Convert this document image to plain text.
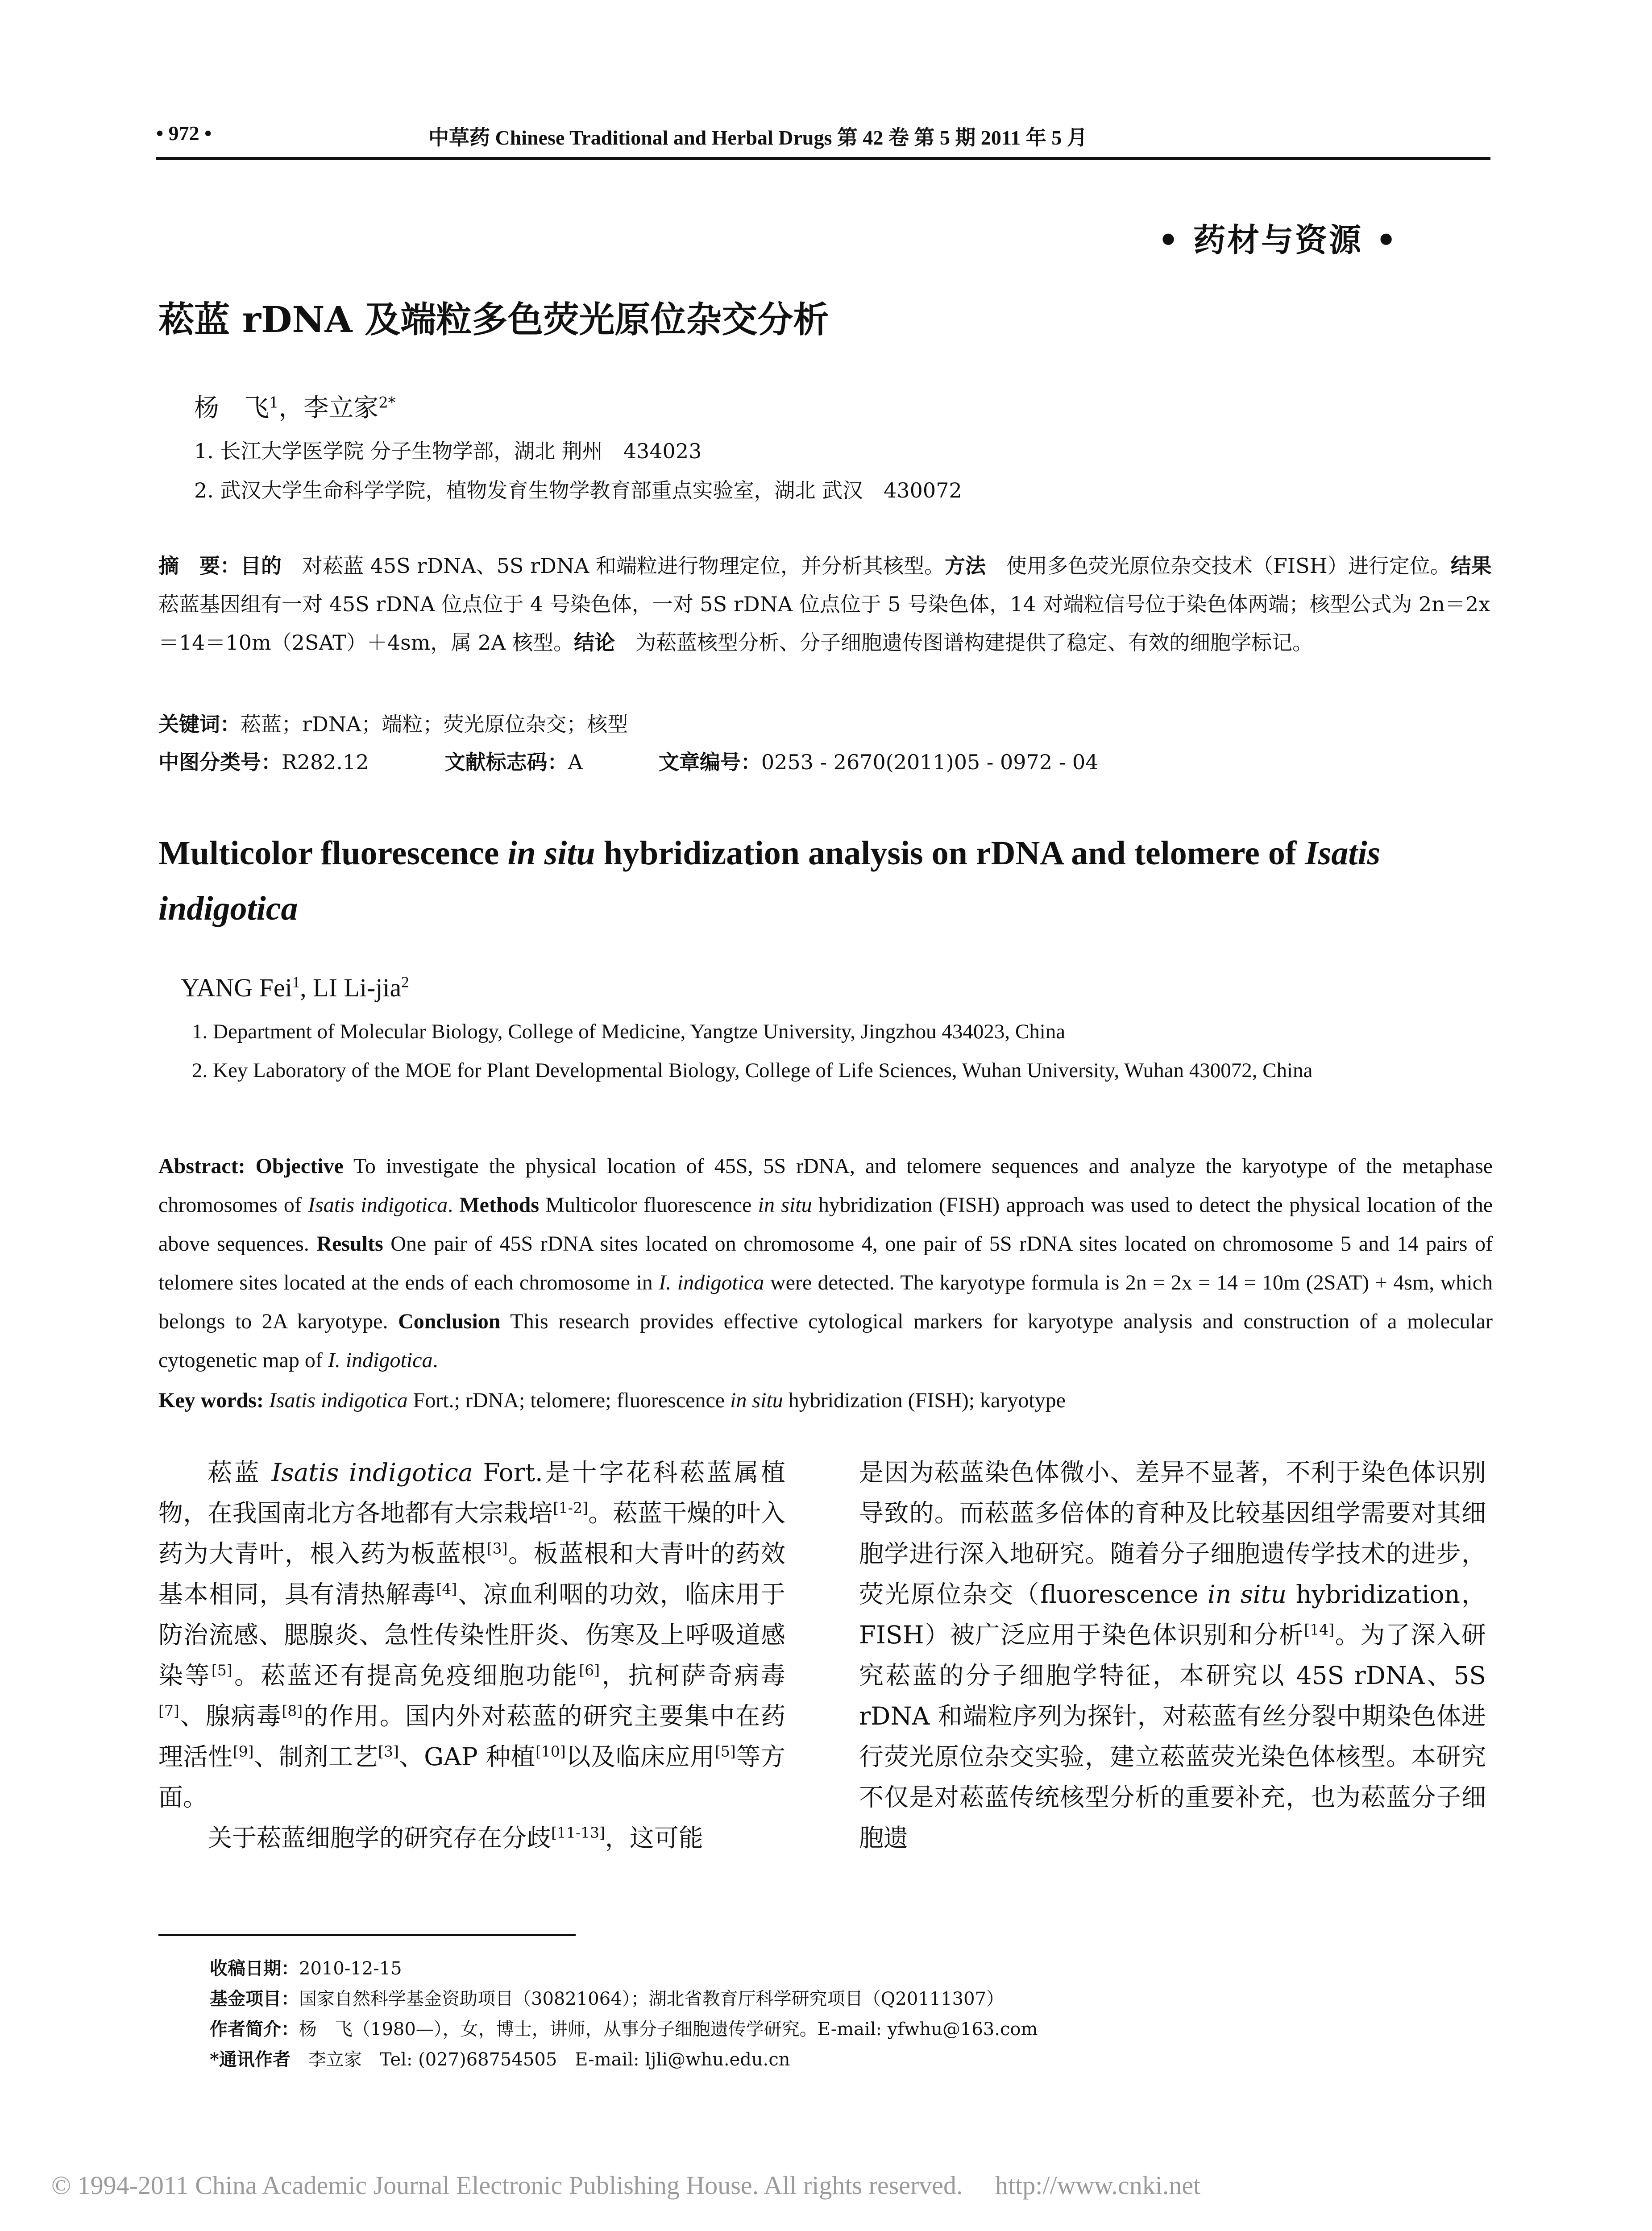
• 972 •	中草药 Chinese Traditional and Herbal Drugs 第 42 卷 第 5 期 2011 年 5 月
• 药材与资源 •
菘蓝 rDNA 及端粒多色荧光原位杂交分析
杨　飞$^1$，李立家$^{2*}$
1. 长江大学医学院 分子生物学部，湖北 荆州　434023
2. 武汉大学生命科学学院，植物发育生物学教育部重点实验室，湖北 武汉　430072
摘　要：目的　对菘蓝 45S rDNA、5S rDNA 和端粒进行物理定位，并分析其核型。方法　使用多色荧光原位杂交技术（FISH）进行定位。结果　菘蓝基因组有一对 45S rDNA 位点位于 4 号染色体，一对 5S rDNA 位点位于 5 号染色体，14 对端粒信号位于染色体两端；核型公式为 2n＝2x＝14＝10m（2SAT）＋4sm，属 2A 核型。结论　为菘蓝核型分析、分子细胞遗传图谱构建提供了稳定、有效的细胞学标记。
关键词：菘蓝；rDNA；端粒；荧光原位杂交；核型
中图分类号：R282.12	文献标志码：A	文章编号：0253 - 2670(2011)05 - 0972 - 04
Multicolor fluorescence in situ hybridization analysis on rDNA and telomere of Isatis indigotica
YANG Fei$^1$, LI Li-jia$^2$
1. Department of Molecular Biology, College of Medicine, Yangtze University, Jingzhou 434023, China
2. Key Laboratory of the MOE for Plant Developmental Biology, College of Life Sciences, Wuhan University, Wuhan 430072, China
Abstract: Objective To investigate the physical location of 45S, 5S rDNA, and telomere sequences and analyze the karyotype of the metaphase chromosomes of Isatis indigotica. Methods Multicolor fluorescence in situ hybridization (FISH) approach was used to detect the physical location of the above sequences. Results One pair of 45S rDNA sites located on chromosome 4, one pair of 5S rDNA sites located on chromosome 5 and 14 pairs of telomere sites located at the ends of each chromosome in I. indigotica were detected. The karyotype formula is 2n = 2x = 14 = 10m (2SAT) + 4sm, which belongs to 2A karyotype. Conclusion This research provides effective cytological markers for karyotype analysis and construction of a molecular cytogenetic map of I. indigotica.
Key words: Isatis indigotica Fort.; rDNA; telomere; fluorescence in situ hybridization (FISH); karyotype

菘蓝 Isatis indigotica Fort.是十字花科菘蓝属植物，在我国南北方各地都有大宗栽培[1-2]。菘蓝干燥的叶入药为大青叶，根入药为板蓝根[3]。板蓝根和大青叶的药效基本相同，具有清热解毒[4]、凉血利咽的功效，临床用于防治流感、腮腺炎、急性传染性肝炎、伤寒及上呼吸道感染等[5]。菘蓝还有提高免疫细胞功能[6]，抗柯萨奇病毒[7]、腺病毒[8]的作用。国内外对菘蓝的研究主要集中在药理活性[9]、制剂工艺[3]、GAP 种植[10]以及临床应用[5]等方面。

关于菘蓝细胞学的研究存在分歧[11-13]，这可能

是因为菘蓝染色体微小、差异不显著，不利于染色体识别导致的。而菘蓝多倍体的育种及比较基因组学需要对其细胞学进行深入地研究。随着分子细胞遗传学技术的进步，荧光原位杂交（fluorescence in situ hybridization，FISH）被广泛应用于染色体识别和分析[14]。为了深入研究菘蓝的分子细胞学特征，本研究以 45S rDNA、5S rDNA 和端粒序列为探针，对菘蓝有丝分裂中期染色体进行荧光原位杂交实验，建立菘蓝荧光染色体核型。本研究不仅是对菘蓝传统核型分析的重要补充，也为菘蓝分子细胞遗

收稿日期：2010-12-15
基金项目：国家自然科学基金资助项目（30821064）；湖北省教育厅科学研究项目（Q20111307）
作者简介：杨　飞（1980—），女，博士，讲师，从事分子细胞遗传学研究。E-mail: yfwhu@163.com
*通讯作者　李立家　Tel: (027)68754505　E-mail: ljli@whu.edu.cn
© 1994-2011 China Academic Journal Electronic Publishing House. All rights reserved.　 http://www.cnki.net
